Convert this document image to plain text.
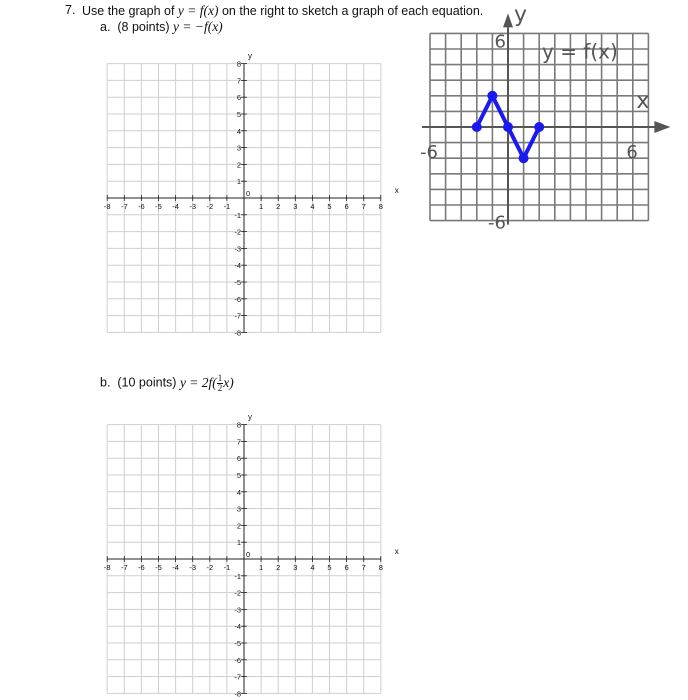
7. Use the graph of y = f(x) on the right to sketch a graph of each equation.
a. (8 points) y = −f(x)
b. (10 points) $y = 2f( \frac{1}{2} x)$
-8 -7 -6 -5 -4 -3 -2 -1
0
1 2 3 4 5 6 7 8
8
7
6
5
4
3
2
1
-1
-2
-3
-4
-5
-6
-7
-8
x
y
-8 -7 -6 -5 -4 -3 -2 -1
0
1 2 3 4 5 6 7 8
8
7
6
5
4
3
2
1
-1
-2
-3
-4
-5
-6
-7
-8
x
y
y
6
-6
-6	6
x
y = f(x)
